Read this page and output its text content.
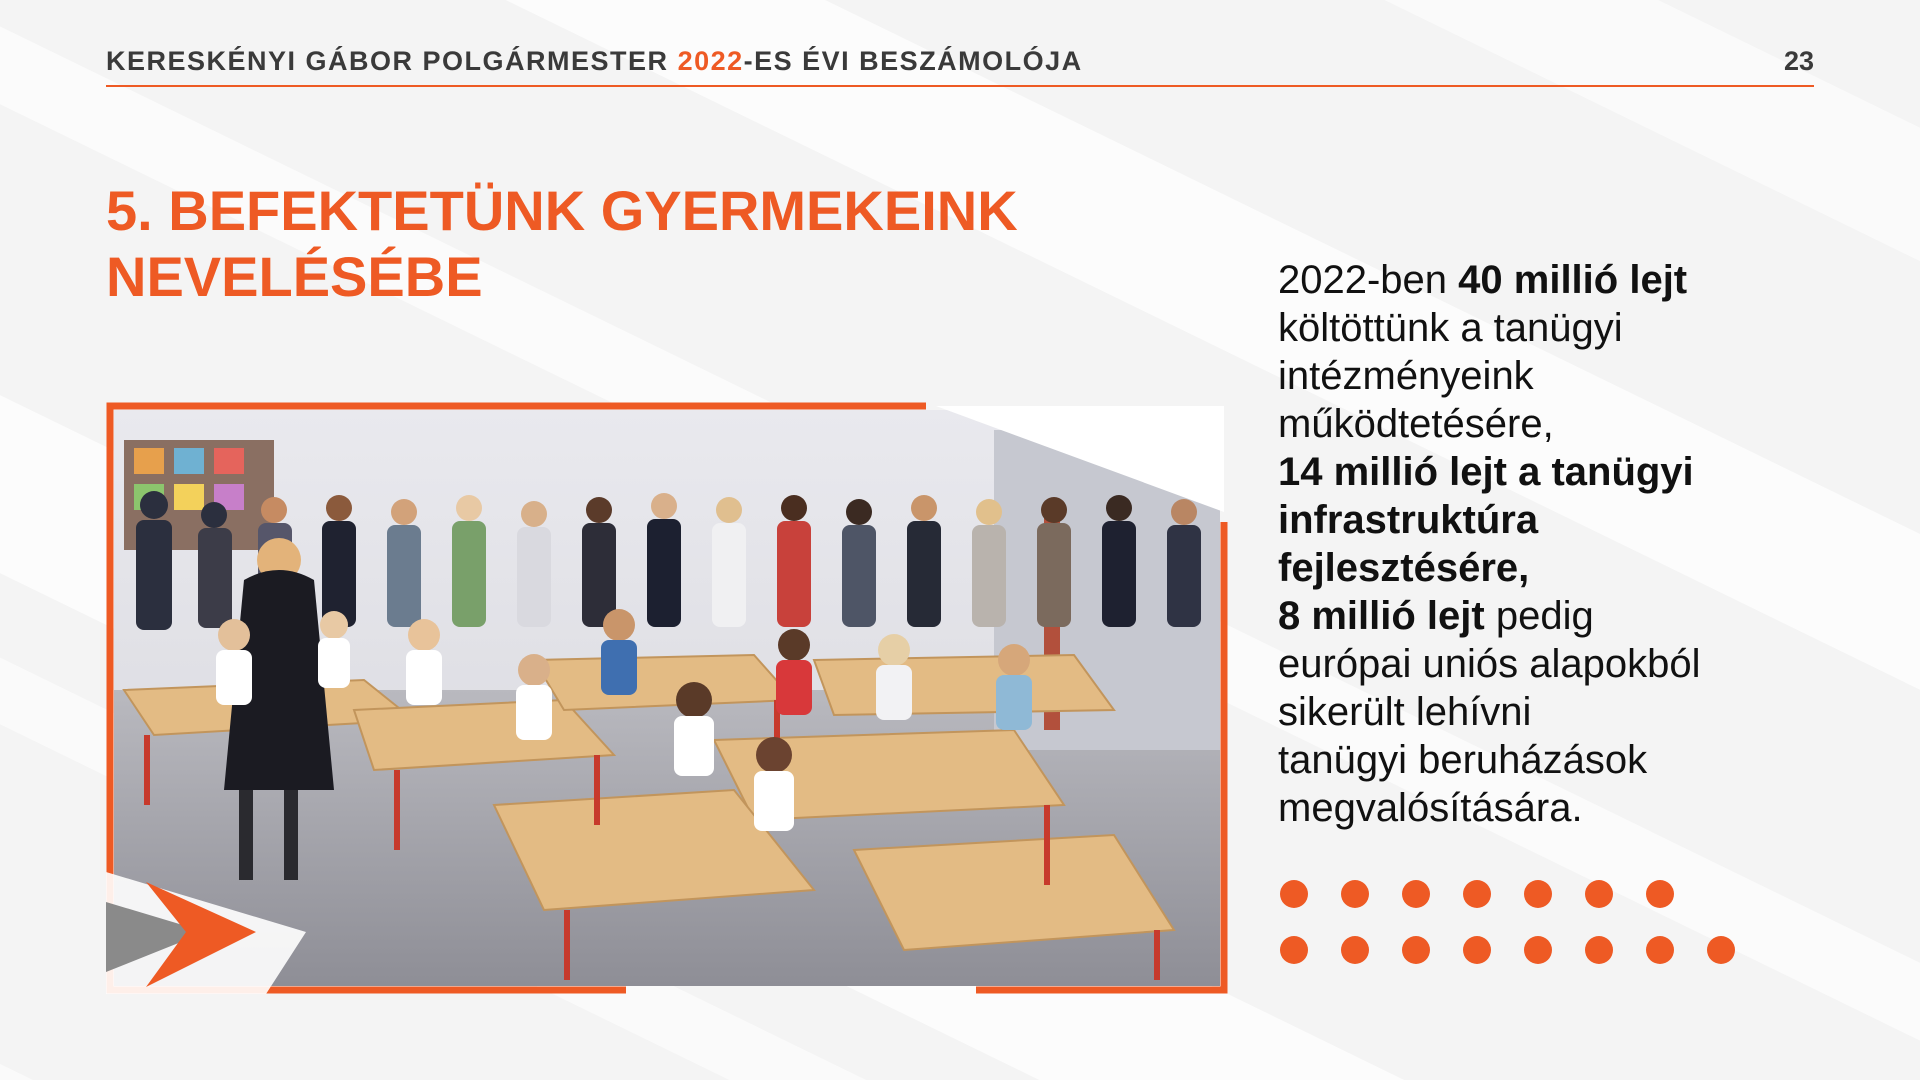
KERESKÉNYI GÁBOR POLGÁRMESTER 2022-ES ÉVI BESZÁMOLÓJA	23
5. BEFEKTETÜNK GYERMEKEINK
NEVELÉSÉBE	2022-ben 40 millió lejt
költöttünk a tanügyi
intézményeink
működtetésére,
14 millió lejt a tanügyi
infrastruktúra
fejlesztésére,
8 millió lejt pedig
európai uniós alapokból
sikerült lehívni
tanügyi beruházások
megvalósítására.
